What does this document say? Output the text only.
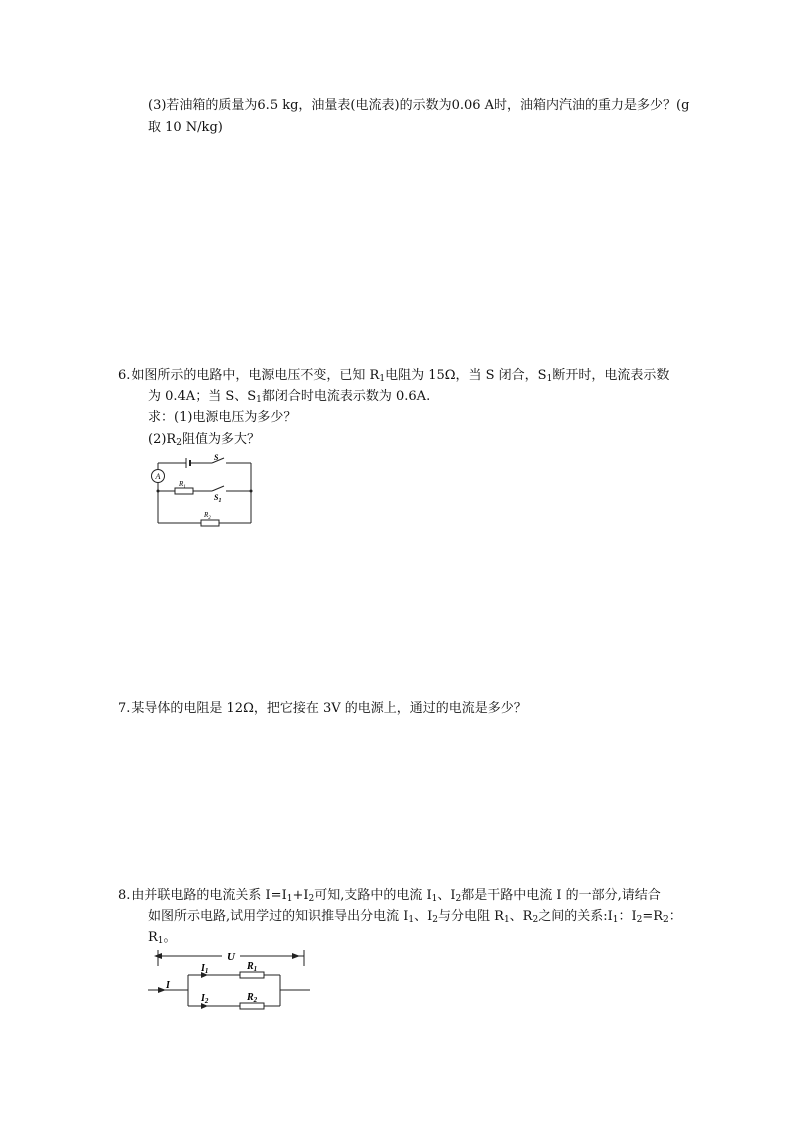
(3)若油箱的质量为6.5 kg，油量表(电流表)的示数为0.06 A时，油箱内汽油的重力是多少？(g
取 10 N/kg)
6.如图所示的电路中，电源电压不变，已知 $R_1$电阻为 15Ω，当 S 闭合，$S_1$断开时，电流表示数
为 0.4A；当 S、$S_1$都闭合时电流表示数为 0.6A.
求：(1)电源电压为多少？
$(2)R_2$阻值为多大？
A
S
$S_1$
$R_1$
$R_2$
7.某导体的电阻是 12Ω，把它接在 3V 的电源上，通过的电流是多少？
8.由并联电路的电流关系 $I=I_1+I_2$可知,支路中的电流 $I_1$、$I_2$都是干路中电流 I 的一部分,请结合
如图所示电路,试用学过的知识推导出分电流 $I_1$、$I_2$与分电阻 $R_1$、$R_2$之间的关系$:I_1$：$I_2=R_2$：
$R_1$。
U
I
$I_1$
$I_2$
$R_1$
$R_2$
